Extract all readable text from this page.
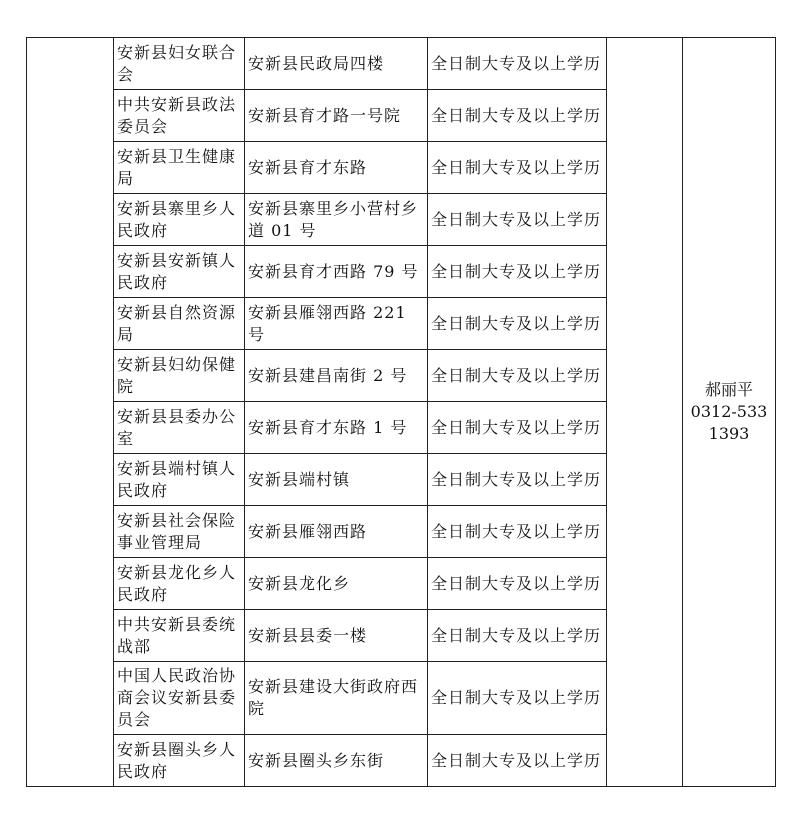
	安新县妇女联合会	安新县民政局四楼	全日制大专及以上学历		郝丽平
0312-5331393

	中共安新县政法委员会	安新县育才路一号院	全日制大专及以上学历		
	安新县卫生健康局	安新县育才东路	全日制大专及以上学历		
	安新县寨里乡人民政府	安新县寨里乡小营村乡道 01 号	全日制大专及以上学历		
	安新县安新镇人民政府	安新县育才西路 79 号	全日制大专及以上学历		
	安新县自然资源局	安新县雁翎西路 221 号	全日制大专及以上学历		
	安新县妇幼保健院	安新县建昌南街 2 号	全日制大专及以上学历		
	安新县县委办公室	安新县育才东路 1 号	全日制大专及以上学历		
	安新县端村镇人民政府	安新县端村镇	全日制大专及以上学历		
	安新县社会保险事业管理局	安新县雁翎西路	全日制大专及以上学历		
	安新县龙化乡人民政府	安新县龙化乡	全日制大专及以上学历		
	中共安新县委统战部	安新县县委一楼	全日制大专及以上学历		
	中国人民政治协商会议安新县委员会	安新县建设大街政府西院	全日制大专及以上学历		
	安新县圈头乡人民政府	安新县圈头乡东街	全日制大专及以上学历		
